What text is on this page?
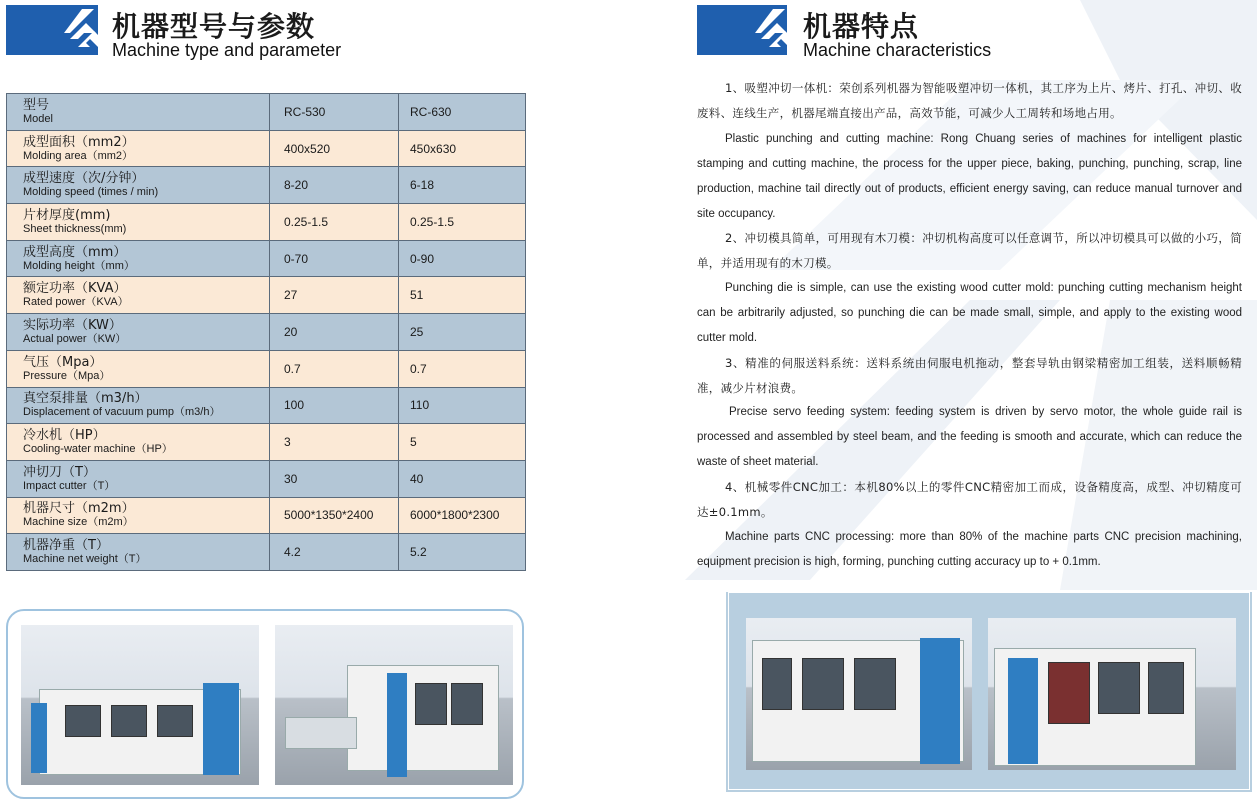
机器型号与参数
Machine type and parameter
型号
Model	RC-530	RC-630

成型面积（mm2）
Molding area（mm2）	400x520	450x630

成型速度（次/分钟）
Molding speed (times / min)	8-20	6-18

片材厚度(mm)
Sheet thickness(mm)	0.25-1.5	0.25-1.5

成型高度（mm）
Molding height（mm）	0-70	0-90

额定功率（KVA）
Rated power（KVA）	27	51

实际功率（KW）
Actual power（KW）	20	25

气压（Mpa）
Pressure（Mpa）	0.7	0.7

真空泵排量（m3/h）
Displacement of vacuum pump（m3/h）	100	110

冷水机（HP）
Cooling-water machine（HP）	3	5

冲切刀（T）
Impact cutter（T）	30	40

机器尺寸（m2m）
Machine size（m2m）	5000*1350*2400	6000*1800*2300

机器净重（T）
Machine net weight（T）	4.2	5.2
机器特点
Machine characteristics
1、吸塑冲切一体机：荣创系列机器为智能吸塑冲切一体机，其工序为上片、烤片、打孔、冲切、收废料、连线生产，机器尾端直接出产品，高效节能，可减少人工周转和场地占用。
Plastic punching and cutting machine: Rong Chuang series of machines for intelligent plastic stamping and cutting machine, the process for the upper piece, baking, punching, punching, scrap, line production, machine tail directly out of products, efficient energy saving, can reduce manual turnover and site occupancy.
2、冲切模具简单，可用现有木刀模：冲切机构高度可以任意调节，所以冲切模具可以做的小巧，简单，并适用现有的木刀模。
Punching die is simple, can use the existing wood cutter mold: punching cutting mechanism height can be arbitrarily adjusted, so punching die can be made small, simple, and apply to the existing wood cutter mold.
3、精准的伺服送料系统：送料系统由伺服电机拖动，整套导轨由钢梁精密加工组装，送料顺畅精准，减少片材浪费。
Precise servo feeding system: feeding system is driven by servo motor, the whole guide rail is processed and assembled by steel beam, and the feeding is smooth and accurate, which can reduce the waste of sheet material.
4、机械零件CNC加工：本机80%以上的零件CNC精密加工而成，设备精度高，成型、冲切精度可达±0.1mm。
Machine parts CNC processing: more than 80% of the machine parts CNC precision machining, equipment precision is high, forming, punching cutting accuracy up to + 0.1mm.
